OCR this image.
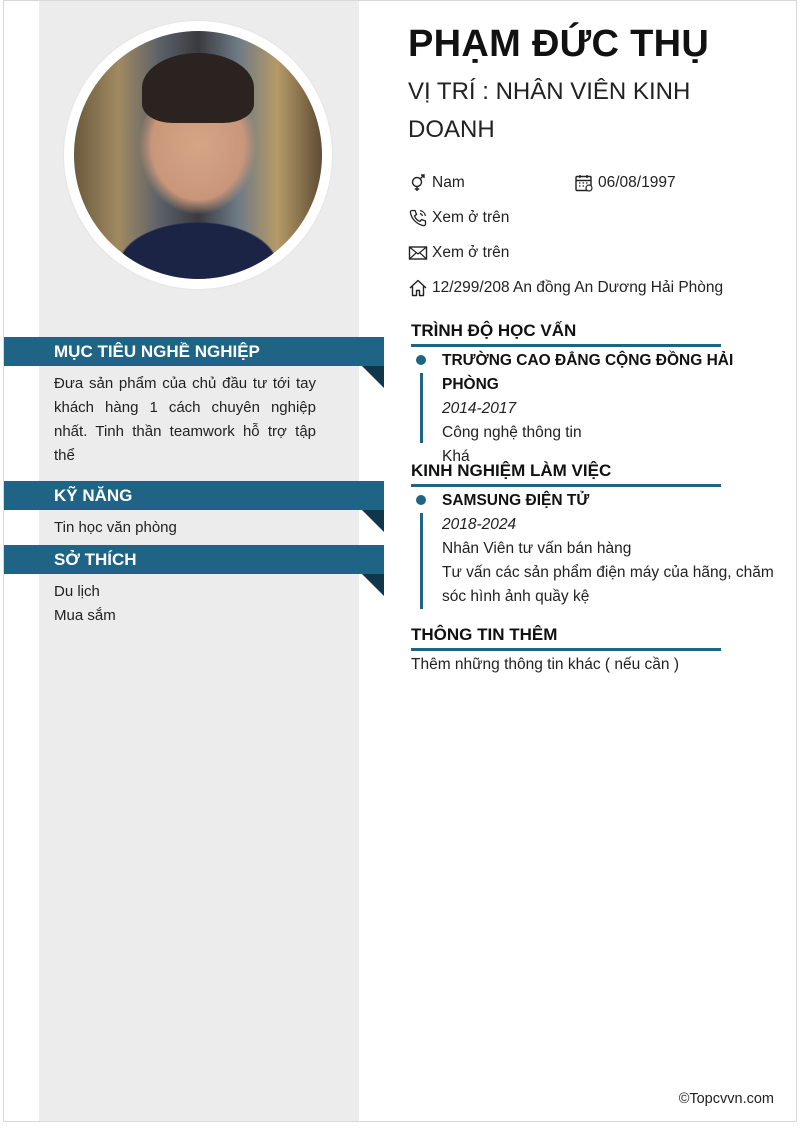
MỤC TIÊU NGHỀ NGHIỆP
Đưa sản phẩm của chủ đầu tư tới tay khách hàng 1 cách chuyên nghiệp nhất. Tinh thần teamwork hỗ trợ tập thể
KỸ NĂNG
Tin học văn phòng
SỞ THÍCH
Du lịch
Mua sắm
PHẠM ĐỨC THỤ
VỊ TRÍ : NHÂN VIÊN KINH
DOANH
Nam	06/08/1997
Xem ở trên
Xem ở trên
12/299/208 An đồng An Dương Hải Phòng
TRÌNH ĐỘ HỌC VẤN
TRƯỜNG CAO ĐẲNG CỘNG ĐỒNG HẢI PHÒNG
2014-2017
Công nghệ thông tin
Khá
KINH NGHIỆM LÀM VIỆC
SAMSUNG ĐIỆN TỬ
2018-2024
Nhân Viên tư vấn bán hàng
Tư vấn các sản phẩm điện máy của hãng, chăm sóc hình ảnh quầy kệ
THÔNG TIN THÊM
Thêm những thông tin khác ( nếu cần )
©Topcvvn.com
